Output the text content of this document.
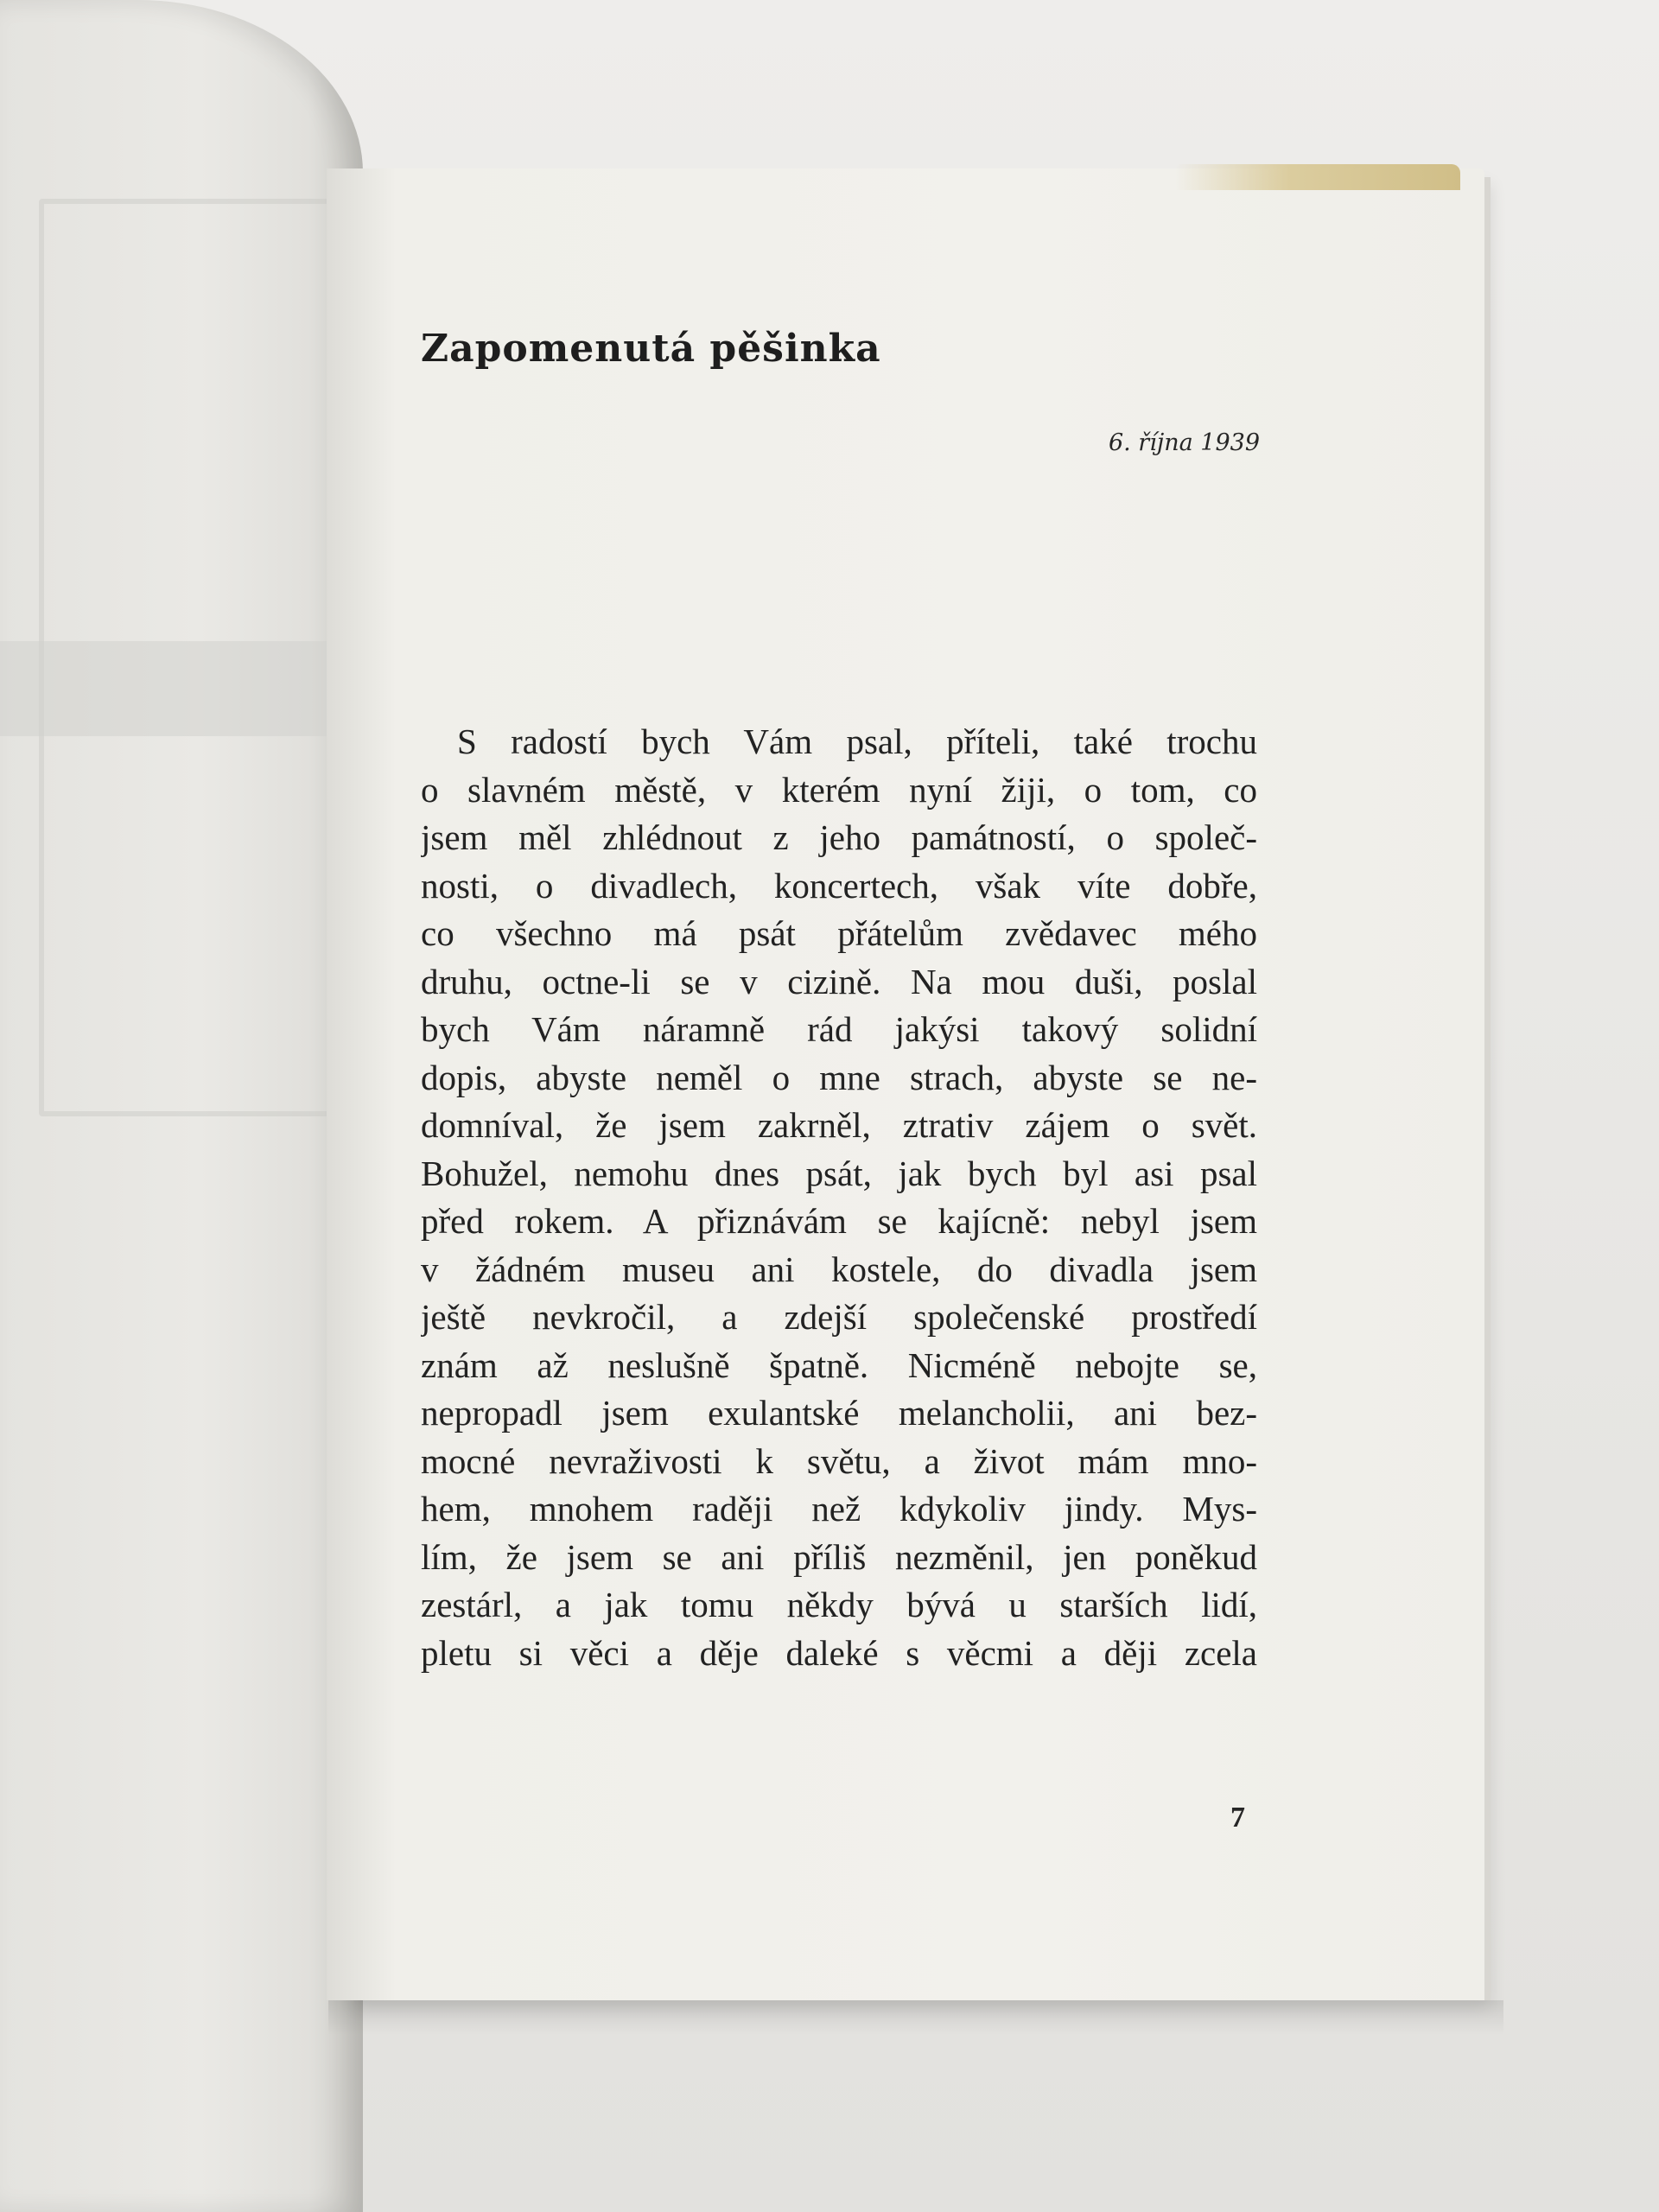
Zapomenutá pěšinka
6. října 1939
S radostí bych Vám psal, příteli, také trochu
o slavném městě, v kterém nyní žiji, o tom, co
jsem měl zhlédnout z jeho památností, o společ-
nosti, o divadlech, koncertech, však víte dobře,
co všechno má psát přátelům zvědavec mého
druhu, octne-li se v cizině. Na mou duši, poslal
bych Vám náramně rád jakýsi takový solidní
dopis, abyste neměl o mne strach, abyste se ne-
domníval, že jsem zakrněl, ztrativ zájem o svět.
Bohužel, nemohu dnes psát, jak bych byl asi psal
před rokem. A přiznávám se kajícně: nebyl jsem
v žádném museu ani kostele, do divadla jsem
ještě nevkročil, a zdejší společenské prostředí
znám až neslušně špatně. Nicméně nebojte se,
nepropadl jsem exulantské melancholii, ani bez-
mocné nevraživosti k světu, a život mám mno-
hem, mnohem raději než kdykoliv jindy. Mys-
lím, že jsem se ani příliš nezměnil, jen poněkud
zestárl, a jak tomu někdy bývá u starších lidí,
pletu si věci a děje daleké s věcmi a ději zcela
7
